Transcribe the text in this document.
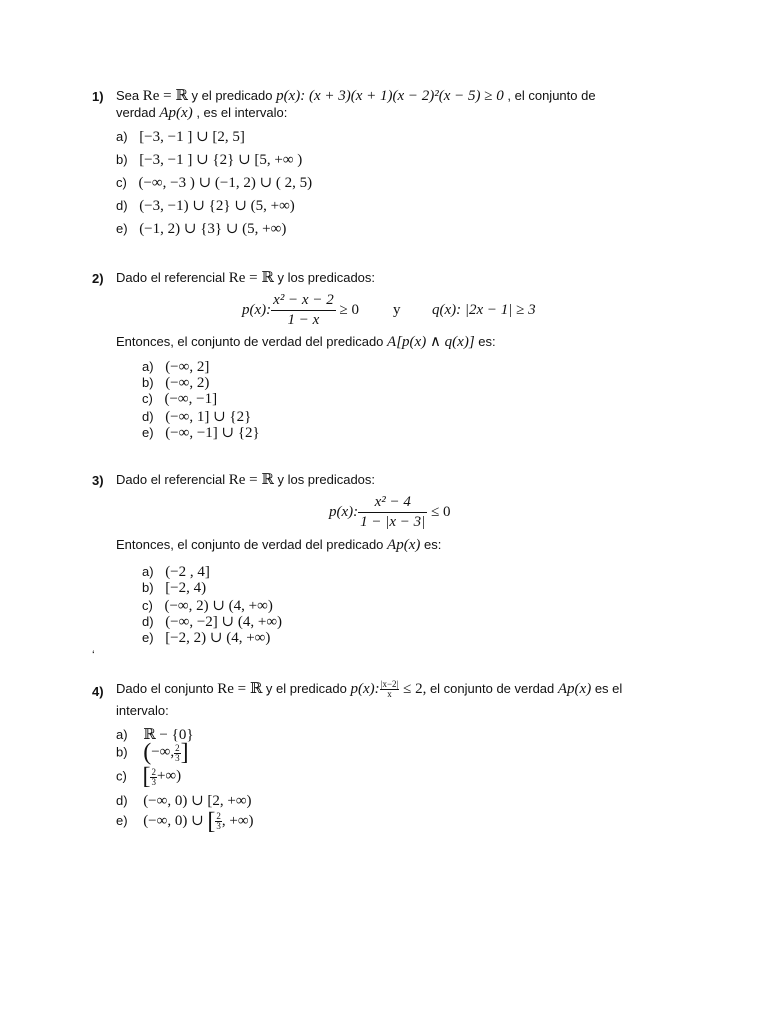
1) Sea Re = ℝ y el predicado p(x): (x + 3)(x + 1)(x − 2)²(x − 5) ≥ 0 , el conjunto de
verdad Ap(x) , es el intervalo:
a) [−3, −1 ] ∪ [2, 5]
b) [−3, −1 ] ∪ {2} ∪ [5, +∞ )
c) (−∞, −3 ) ∪ (−1, 2) ∪ ( 2, 5)
d) (−3, −1) ∪ {2} ∪ (5, +∞)
e) (−1, 2) ∪ {3} ∪ (5, +∞)
2) Dado el referencial Re = ℝ y los predicados:
p(x): $\frac{\text{x² − x − 2}}{1 - x} \ge 0$ y q(x): |2x − 1| ≥ 3
Entonces, el conjunto de verdad del predicado A[p(x) ∧ q(x)] es:
a) (−∞, 2]
b) (−∞, 2)
c) (−∞, −1]
d) (−∞, 1] ∪ {2}
e) (−∞, −1] ∪ {2}
3) Dado el referencial Re = ℝ y los predicados:
p(x): $\frac{\text{x² − 4}}{1 - |x - 3|} \le 0$
Entonces, el conjunto de verdad del predicado Ap(x) es:
a) (−2 , 4]
b) [−2, 4)
c) (−∞, 2) ∪ (4, +∞)
d) (−∞, −2] ∪ (4, +∞)
e) [−2, 2) ∪ (4, +∞)
‘
4) Dado el conjunto Re = ℝ y el predicado p(x): $\frac{|x-2|}{x} \le 2$, el conjunto de verdad Ap(x) es el
intervalo:
a) ℝ − {0}
b) (−∞, $\frac{2}{3}$ ]
c) [ $\frac{2}{3}$ +∞)
d) (−∞, 0) ∪ [2, +∞)
e) (−∞, 0) ∪ [ $\frac{2}{3}$ , +∞)
